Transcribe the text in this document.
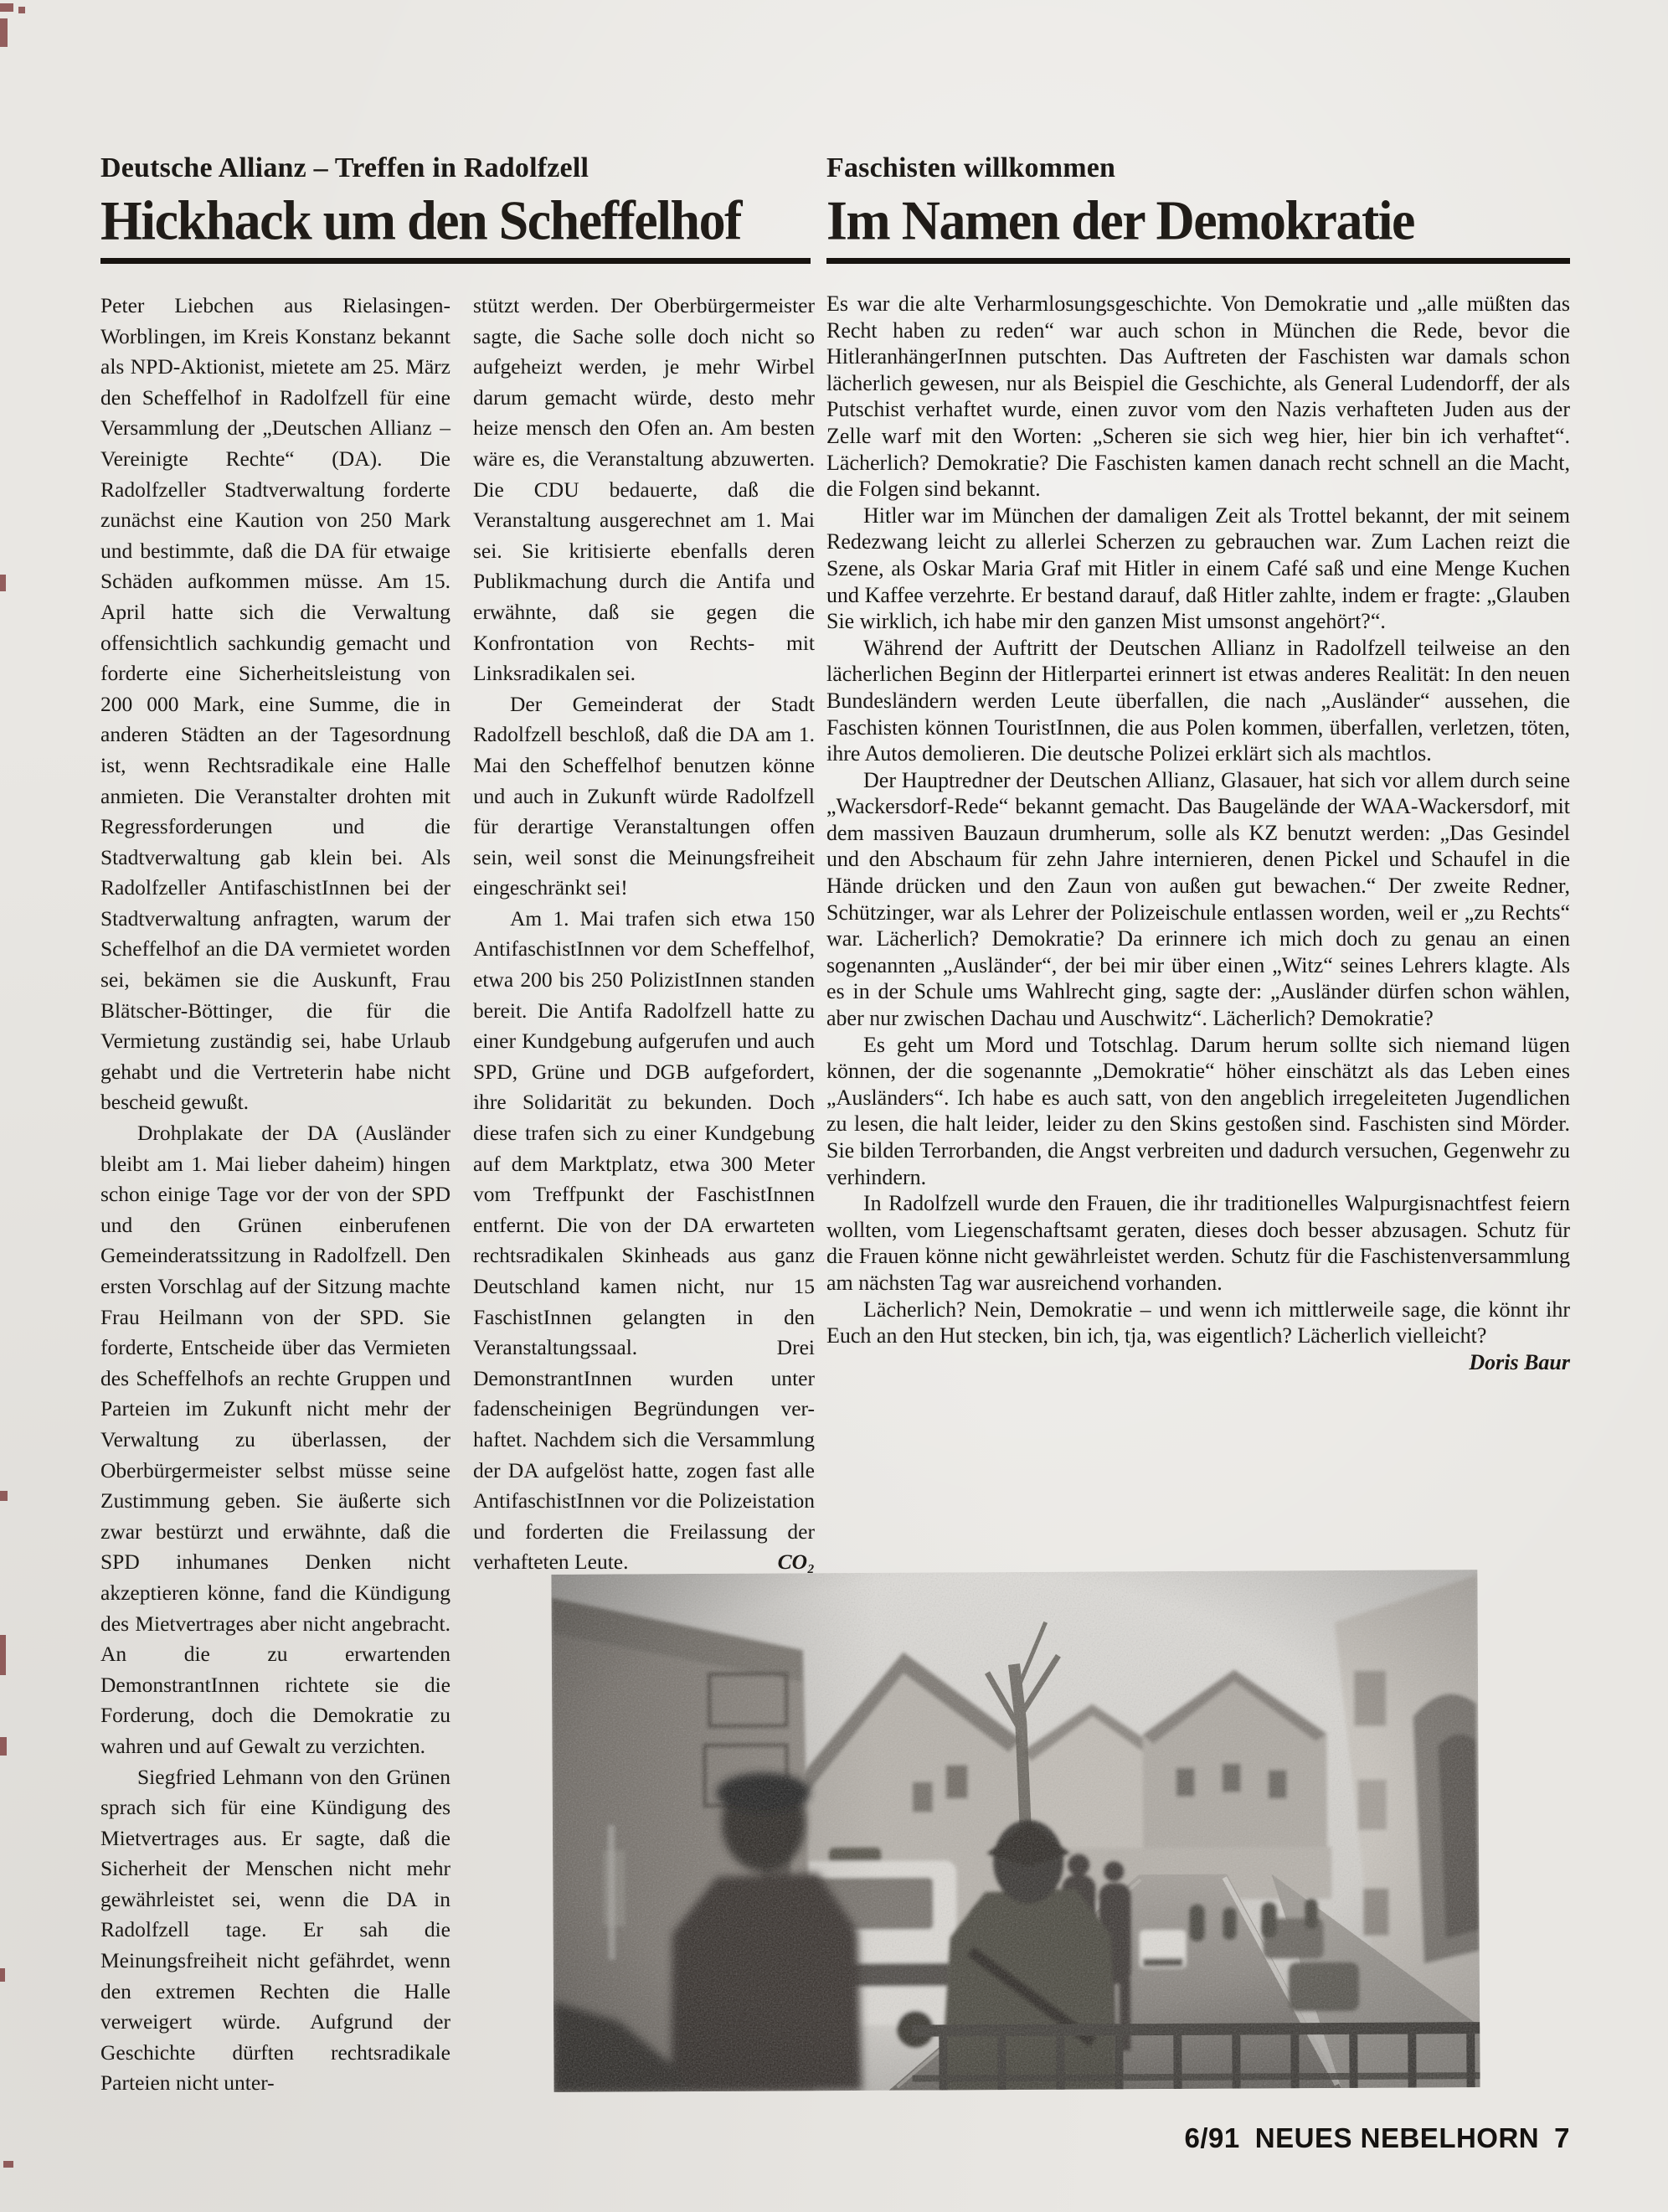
Deutsche Allianz – Treffen in Radolfzell
Hickhack um den Scheffelhof
Faschisten willkommen
Im Namen der Demokratie

Peter Liebchen aus Rielasingen-Worblingen, im Kreis Konstanz bekannt als NPD-Aktionist, mietete am 25. März den Scheffelhof in Radolfzell für eine Versammlung der „Deutschen Allianz – Vereinigte Rechte“ (DA). Die Radolfzeller Stadtverwaltung forderte zunächst eine Kaution von 250 Mark und bestimmte, daß die DA für etwaige Schäden aufkommen müsse. Am 15. April hatte sich die Verwaltung offensichtlich sachkundig gemacht und forderte eine Sicherheitsleistung von 200 000 Mark, eine Summe, die in anderen Städten an der Tagesordnung ist, wenn Rechtsradikale eine Halle anmieten. Die Veranstalter drohten mit Regressforderungen und die Stadtverwaltung gab klein bei. Als Radolfzeller AntifaschistInnen bei der Stadtverwaltung anfragten, warum der Scheffelhof an die DA vermietet worden sei, bekämen sie die Auskunft, Frau Blätscher-Böttinger, die für die Vermietung zuständig sei, habe Urlaub gehabt und die Vertreterin habe nicht bescheid gewußt.

Drohplakate der DA (Ausländer bleibt am 1. Mai lieber daheim) hingen schon einige Tage vor der von der SPD und den Grünen einberufenen Gemeinderatssitzung in Radolfzell. Den ersten Vorschlag auf der Sitzung machte Frau Heilmann von der SPD. Sie forderte, Entscheide über das Vermieten des Scheffelhofs an rechte Gruppen und Parteien im Zukunft nicht mehr der Verwaltung zu überlassen, der Oberbürgermeister selbst müsse seine Zustimmung geben. Sie äußerte sich zwar bestürzt und erwähnte, daß die SPD inhumanes Denken nicht akzeptieren könne, fand die Kündigung des Mietvertrages aber nicht angebracht. An die zu erwartenden DemonstrantInnen richtete sie die Forderung, doch die Demokratie zu wahren und auf Gewalt zu verzichten.

Siegfried Lehmann von den Grünen sprach sich für eine Kündigung des Mietvertrages aus. Er sagte, daß die Sicherheit der Menschen nicht mehr gewährleistet sei, wenn die DA in Radolfzell tage. Er sah die Meinungsfreiheit nicht gefährdet, wenn den extremen Rechten die Halle verweigert würde. Aufgrund der Geschichte dürften rechtsradikale Parteien nicht unter-

stützt werden. Der Oberbürgermeister sagte, die Sache solle doch nicht so aufgeheizt werden, je mehr Wirbel darum gemacht würde, desto mehr heize mensch den Ofen an. Am besten wäre es, die Veranstaltung abzuwerten. Die CDU bedauerte, daß die Veranstaltung ausgerechnet am 1. Mai sei. Sie kritisierte ebenfalls deren Publikmachung durch die Antifa und erwähnte, daß sie gegen die Konfrontation von Rechts- mit Linksradikalen sei.

Der Gemeinderat der Stadt Radolfzell beschloß, daß die DA am 1. Mai den Scheffelhof benutzen könne und auch in Zukunft würde Radolfzell für derartige Veranstaltungen offen sein, weil sonst die Meinungsfreiheit eingeschränkt sei!

Am 1. Mai trafen sich etwa 150 AntifaschistInnen vor dem Scheffelhof, etwa 200 bis 250 PolizistInnen standen bereit. Die Antifa Radolfzell hatte zu einer Kundgebung aufgerufen und auch SPD, Grüne und DGB aufgefordert, ihre Solidarität zu bekunden. Doch diese trafen sich zu einer Kundgebung auf dem Marktplatz, etwa 300 Meter vom Treffpunkt der FaschistInnen entfernt. Die von der DA erwarteten rechtsradikalen Skinheads aus ganz Deutschland kamen nicht, nur 15 FaschistInnen gelangten in den Veranstaltungssaal. Drei DemonstrantInnen wurden unter fadenscheinigen Begründungen ver- haftet. Nachdem sich die Versammlung der DA aufgelöst hatte, zogen fast alle AntifaschistInnen vor die Polizeistation und forderten die Freilassung der verhafteten Leute.	CO₂

Es war die alte Verharmlosungsgeschichte. Von Demokratie und „alle müßten das Recht haben zu reden“ war auch schon in München die Rede, bevor die HitleranhängerInnen putschten. Das Auftreten der Faschisten war damals schon lächerlich gewesen, nur als Beispiel die Geschichte, als General Ludendorff, der als Putschist verhaftet wurde, einen zuvor vom den Nazis verhafteten Juden aus der Zelle warf mit den Worten: „Scheren sie sich weg hier, hier bin ich verhaftet“. Lächerlich? Demokratie? Die Faschisten kamen danach recht schnell an die Macht, die Folgen sind bekannt.

Hitler war im München der damaligen Zeit als Trottel bekannt, der mit seinem Redezwang leicht zu allerlei Scherzen zu gebrauchen war. Zum Lachen reizt die Szene, als Oskar Maria Graf mit Hitler in einem Café saß und eine Menge Kuchen und Kaffee verzehrte. Er bestand darauf, daß Hitler zahlte, indem er fragte: „Glauben Sie wirklich, ich habe mir den ganzen Mist umsonst angehört?“.

Während der Auftritt der Deutschen Allianz in Radolfzell teilweise an den lächerlichen Beginn der Hitlerpartei erinnert ist etwas anderes Realität: In den neuen Bundesländern werden Leute überfallen, die nach „Ausländer“ aussehen, die Faschisten können TouristInnen, die aus Polen kommen, überfallen, verletzen, töten, ihre Autos demolieren. Die deutsche Polizei erklärt sich als machtlos.

Der Hauptredner der Deutschen Allianz, Glasauer, hat sich vor allem durch seine „Wackersdorf-Rede“ bekannt gemacht. Das Baugelände der WAA-Wackersdorf, mit dem massiven Bauzaun drumherum, solle als KZ benutzt werden: „Das Gesindel und den Abschaum für zehn Jahre internieren, denen Pickel und Schaufel in die Hände drücken und den Zaun von außen gut bewachen.“ Der zweite Redner, Schützinger, war als Lehrer der Polizeischule entlassen worden, weil er „zu Rechts“ war. Lächerlich? Demokratie? Da erinnere ich mich doch zu genau an einen sogenannten „Ausländer“, der bei mir über einen „Witz“ seines Lehrers klagte. Als es in der Schule ums Wahlrecht ging, sagte der: „Ausländer dürfen schon wählen, aber nur zwischen Dachau und Auschwitz“. Lächerlich? Demokratie?

Es geht um Mord und Totschlag. Darum herum sollte sich niemand lügen können, der die sogenannte „Demokratie“ höher einschätzt als das Leben eines „Ausländers“. Ich habe es auch satt, von den angeblich irregeleiteten Jugendlichen zu lesen, die halt leider, leider zu den Skins gestoßen sind. Faschisten sind Mörder. Sie bilden Terrorbanden, die Angst verbreiten und dadurch versuchen, Gegenwehr zu verhindern.

In Radolfzell wurde den Frauen, die ihr traditionelles Walpurgisnachtfest feiern wollten, vom Liegenschaftsamt geraten, dieses doch besser abzusagen. Schutz für die Frauen könne nicht gewährleistet werden. Schutz für die Faschistenversammlung am nächsten Tag war ausreichend vorhanden.

Lächerlich? Nein, Demokratie – und wenn ich mittlerweile sage, die könnt ihr Euch an den Hut stecken, bin ich, tja, was eigentlich? Lächerlich vielleicht?
Doris Baur

6/91 NEUES NEBELHORN 7
